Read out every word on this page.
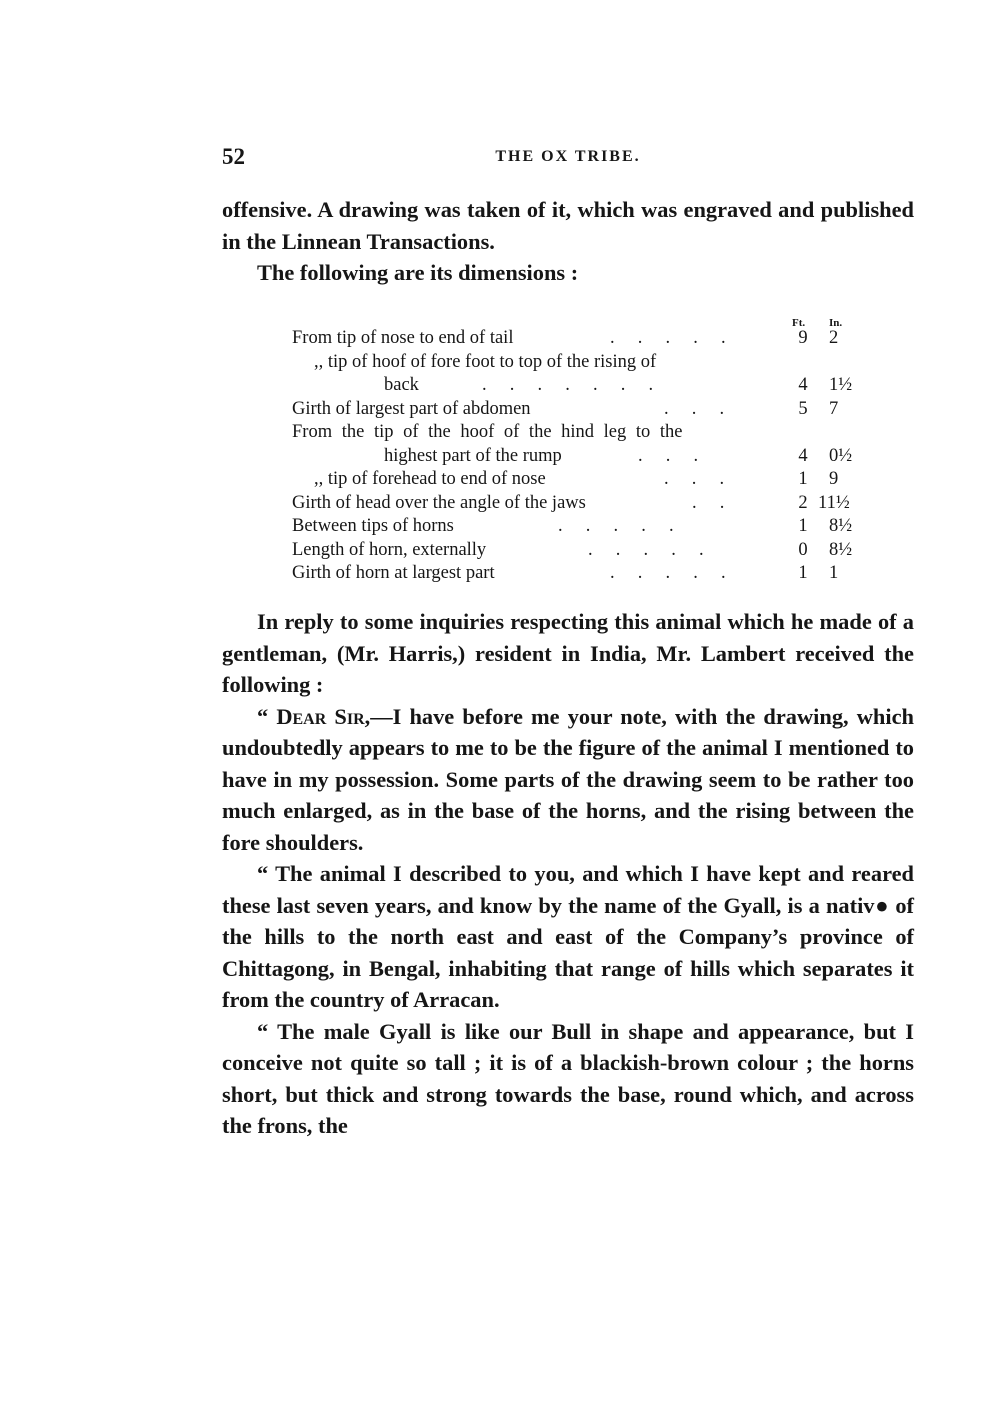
52	THE OX TRIBE.

offensive. A drawing was taken of it, which was engraved and published in the Linnean Transactions.

The following are its dimensions :

Ft. In.
From tip of nose to end of tail	.     .     .     .     .	9 2
,, tip of hoof of fore foot to top of the rising of
back	.     .     .     .     .     .     .	4 1½
Girth of largest part of abdomen	.     .     .	5 7
From the tip of the hoof of the hind leg to the
highest part of the rump	.     .     .	4 0½
,, tip of forehead to end of nose	.     .     .	1 9
Girth of head over the angle of the jaws	.     .	2 11½
Between tips of horns	.     .     .     .     .	1 8½
Length of horn, externally	.     .     .     .     .	0 8½
Girth of horn at largest part	.     .     .     .     .	1 1

In reply to some inquiries respecting this animal which he made of a gentleman, (Mr. Harris,) resident in India, Mr. Lambert received the following :

“ Dear Sir,—I have before me your note, with the drawing, which undoubtedly appears to me to be the figure of the animal I mentioned to have in my possession. Some parts of the drawing seem to be rather too much enlarged, as in the base of the horns, and the rising between the fore shoulders.

“ The animal I described to you, and which I have kept and reared these last seven years, and know by the name of the Gyall, is a nativ● of the hills to the north east and east of the Company’s province of Chittagong, in Bengal, inhabiting that range of hills which separates it from the country of Arracan.

“ The male Gyall is like our Bull in shape and appearance, but I conceive not quite so tall ; it is of a blackish-brown colour ; the horns short, but thick and strong towards the base, round which, and across the frons, the
